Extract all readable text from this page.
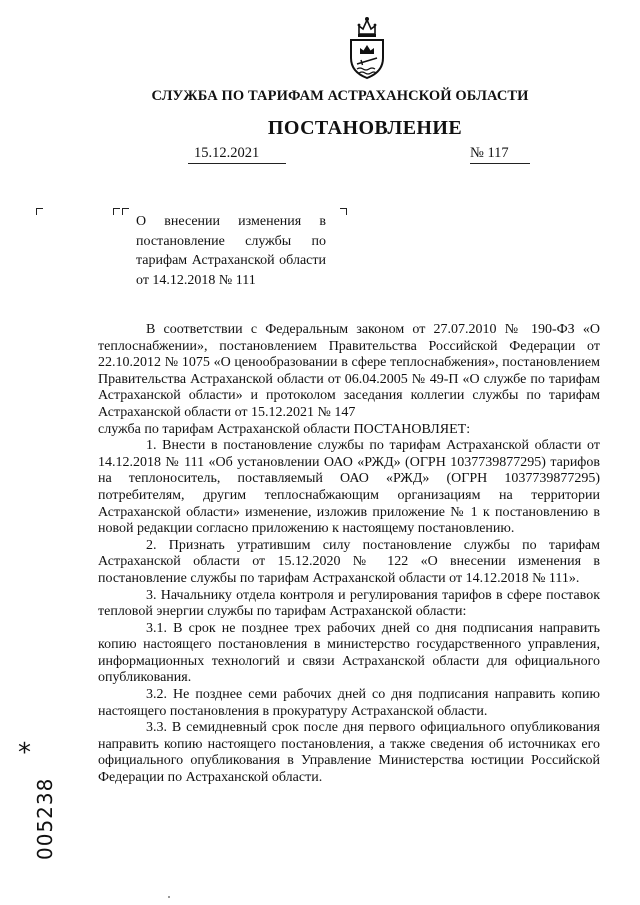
СЛУЖБА ПО ТАРИФАМ АСТРАХАНСКОЙ ОБЛАСТИ
ПОСТАНОВЛЕНИЕ
15.12.2021	№ 117
О внесении изменения в постановление службы по тарифам Астраханской области от 14.12.2018 № 111

В соответствии с Федеральным законом от 27.07.2010 № 190-ФЗ «О теплоснабжении», постановлением Правительства Российской Федерации от 22.10.2012 № 1075 «О ценообразовании в сфере теплоснабжения», постановлением Правительства Астраханской области от 06.04.2005 № 49-П «О службе по тарифам Астраханской области» и протоколом заседания коллегии службы по тарифам Астраханской области от 15.12.2021 № 147

служба по тарифам Астраханской области ПОСТАНОВЛЯЕТ:

1. Внести в постановление службы по тарифам Астраханской области от 14.12.2018 № 111 «Об установлении ОАО «РЖД» (ОГРН 1037739877295) тарифов на теплоноситель, поставляемый ОАО «РЖД» (ОГРН 1037739877295) потребителям, другим теплоснабжающим организациям на территории Астраханской области» изменение, изложив приложение № 1 к постановлению в новой редакции согласно приложению к настоящему постановлению.

2. Признать утратившим силу постановление службы по тарифам Астраханской области от 15.12.2020 № 122 «О внесении изменения в постановление службы по тарифам Астраханской области от 14.12.2018 № 111».

3. Начальнику отдела контроля и регулирования тарифов в сфере поставок тепловой энергии службы по тарифам Астраханской области:

3.1. В срок не позднее трех рабочих дней со дня подписания направить копию настоящего постановления в министерство государственного управления, информационных технологий и связи Астраханской области для официального опубликования.

3.2. Не позднее семи рабочих дней со дня подписания направить копию настоящего постановления в прокуратуру Астраханской области.

3.3. В семидневный срок после дня первого официального опубликования направить копию настоящего постановления, а также сведения об источниках его официального опубликования в Управление Министерства юстиции Российской Федерации по Астраханской области.

*
005238
